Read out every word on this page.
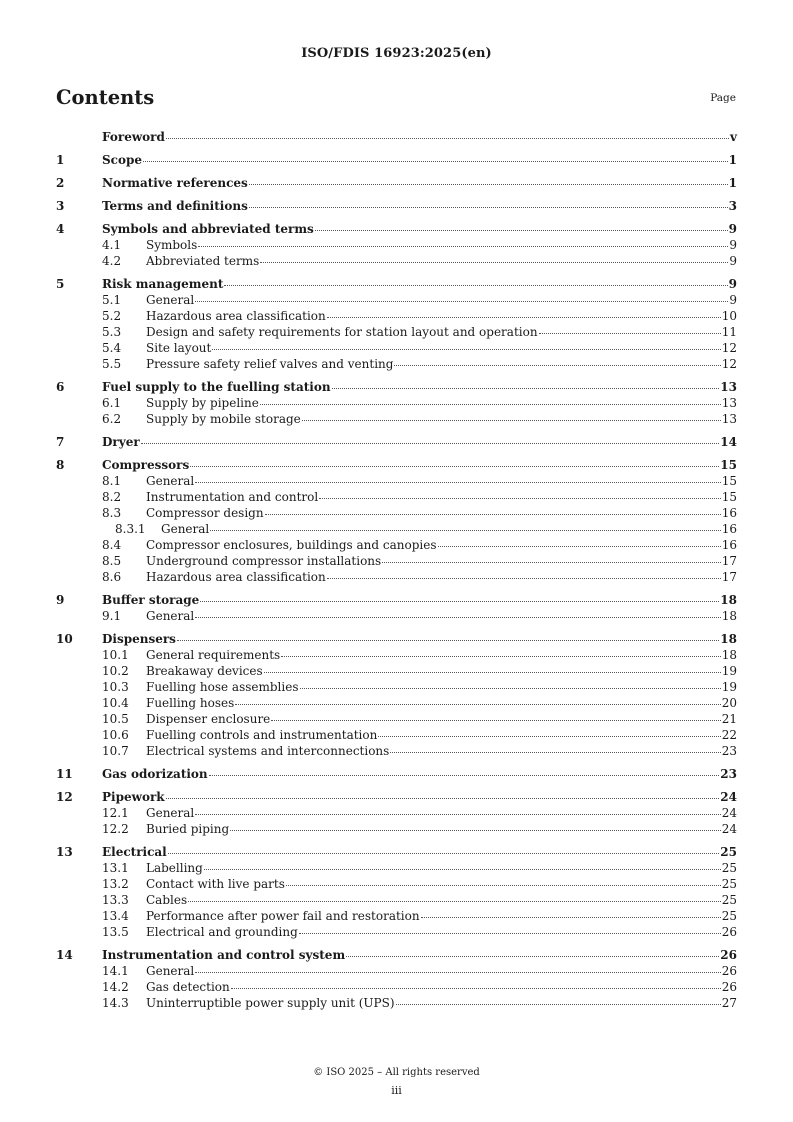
ISO/FDIS 16923:2025(en)
Contents	Page
Foreword	v
1	Scope	1
2	Normative references	1
3	Terms and definitions	3
4	Symbols and abbreviated terms	9
4.1	Symbols	9
4.2	Abbreviated terms	9
5	Risk management	9
5.1	General	9
5.2	Hazardous area classification	10
5.3	Design and safety requirements for station layout and operation	11
5.4	Site layout	12
5.5	Pressure safety relief valves and venting	12
6	Fuel supply to the fuelling station	13
6.1	Supply by pipeline	13
6.2	Supply by mobile storage	13
7	Dryer	14
8	Compressors	15
8.1	General	15
8.2	Instrumentation and control	15
8.3	Compressor design	16
8.3.1	General	16
8.4	Compressor enclosures, buildings and canopies	16
8.5	Underground compressor installations	17
8.6	Hazardous area classification	17
9	Buffer storage	18
9.1	General	18
10	Dispensers	18
10.1	General requirements	18
10.2	Breakaway devices	19
10.3	Fuelling hose assemblies	19
10.4	Fuelling hoses	20
10.5	Dispenser enclosure	21
10.6	Fuelling controls and instrumentation	22
10.7	Electrical systems and interconnections	23
11	Gas odorization	23
12	Pipework	24
12.1	General	24
12.2	Buried piping	24
13	Electrical	25
13.1	Labelling	25
13.2	Contact with live parts	25
13.3	Cables	25
13.4	Performance after power fail and restoration	25
13.5	Electrical and grounding	26
14	Instrumentation and control system	26
14.1	General	26
14.2	Gas detection	26
14.3	Uninterruptible power supply unit (UPS)	27
© ISO 2025 – All rights reserved
iii
